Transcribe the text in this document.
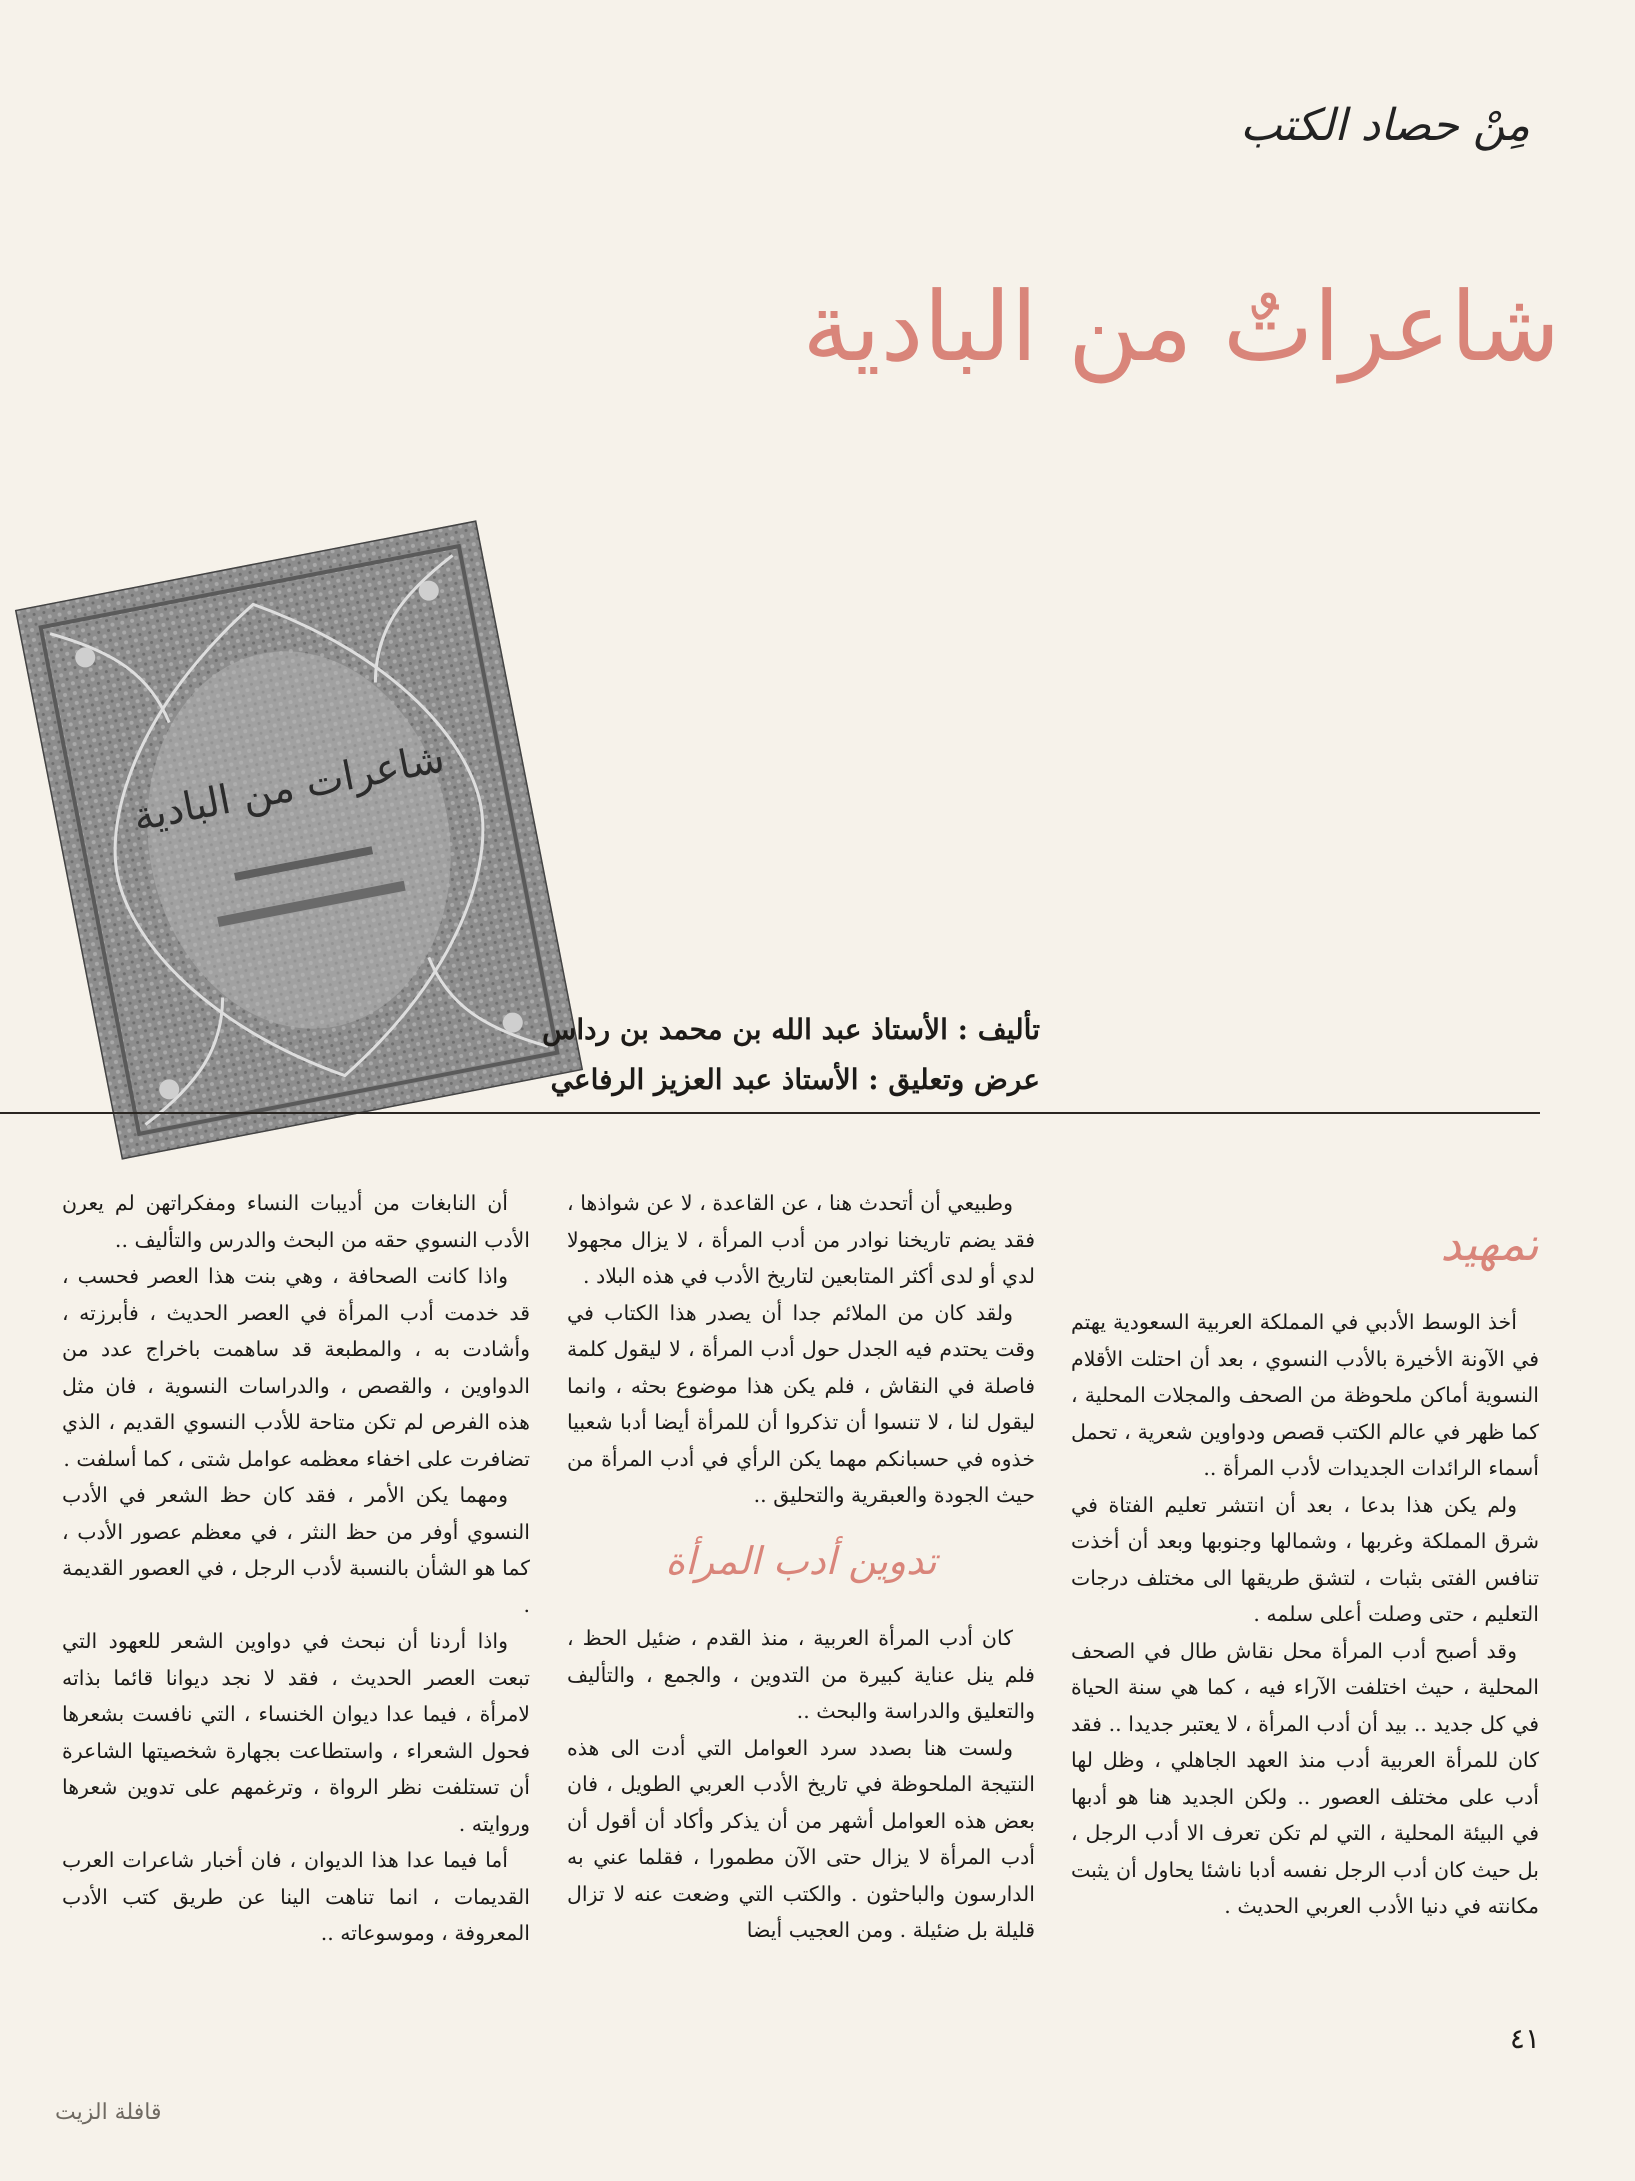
مِنْ حصاد الكتب
شاعراتٌ من البادية
شاعرات من البادية
تأليف : الأستاذ عبد الله بن محمد بن رداس
عرض وتعليق : الأستاذ عبد العزيز الرفاعي
تمهيد

أخذ الوسط الأدبي في المملكة العربية السعودية يهتم في الآونة الأخيرة بالأدب النسوي ، بعد أن احتلت الأقلام النسوية أماكن ملحوظة من الصحف والمجلات المحلية ، كما ظهر في عالم الكتب قصص ودواوين شعرية ، تحمل أسماء الرائدات الجديدات لأدب المرأة ..

ولم يكن هذا بدعا ، بعد أن انتشر تعليم الفتاة في شرق المملكة وغربها ، وشمالها وجنوبها وبعد أن أخذت تنافس الفتى بثبات ، لتشق طريقها الى مختلف درجات التعليم ، حتى وصلت أعلى سلمه .

وقد أصبح أدب المرأة محل نقاش طال في الصحف المحلية ، حيث اختلفت الآراء فيه ، كما هي سنة الحياة في كل جديد .. بيد أن أدب المرأة ، لا يعتبر جديدا .. فقد كان للمرأة العربية أدب منذ العهد الجاهلي ، وظل لها أدب على مختلف العصور .. ولكن الجديد هنا هو أدبها في البيئة المحلية ، التي لم تكن تعرف الا أدب الرجل ، بل حيث كان أدب الرجل نفسه أدبا ناشئا يحاول أن يثبت مكانته في دنيا الأدب العربي الحديث .

وطبيعي أن أتحدث هنا ، عن القاعدة ، لا عن شواذها ، فقد يضم تاريخنا نوادر من أدب المرأة ، لا يزال مجهولا لدي أو لدى أكثر المتابعين لتاريخ الأدب في هذه البلاد .

ولقد كان من الملائم جدا أن يصدر هذا الكتاب في وقت يحتدم فيه الجدل حول أدب المرأة ، لا ليقول كلمة فاصلة في النقاش ، فلم يكن هذا موضوع بحثه ، وانما ليقول لنا ، لا تنسوا أن تذكروا أن للمرأة أيضا أدبا شعبيا خذوه في حسبانكم مهما يكن الرأي في أدب المرأة من حيث الجودة والعبقرية والتحليق ..

تدوين أدب المرأة

كان أدب المرأة العربية ، منذ القدم ، ضئيل الحظ ، فلم ينل عناية كبيرة من التدوين ، والجمع ، والتأليف والتعليق والدراسة والبحث ..

ولست هنا بصدد سرد العوامل التي أدت الى هذه النتيجة الملحوظة في تاريخ الأدب العربي الطويل ، فان بعض هذه العوامل أشهر من أن يذكر وأكاد أن أقول أن أدب المرأة لا يزال حتى الآن مطمورا ، فقلما عني به الدارسون والباحثون . والكتب التي وضعت عنه لا تزال قليلة بل ضئيلة . ومن العجيب أيضا

أن النابغات من أديبات النساء ومفكراتهن لم يعرن الأدب النسوي حقه من البحث والدرس والتأليف ..

واذا كانت الصحافة ، وهي بنت هذا العصر فحسب ، قد خدمت أدب المرأة في العصر الحديث ، فأبرزته ، وأشادت به ، والمطبعة قد ساهمت باخراج عدد من الدواوين ، والقصص ، والدراسات النسوية ، فان مثل هذه الفرص لم تكن متاحة للأدب النسوي القديم ، الذي تضافرت على اخفاء معظمه عوامل شتى ، كما أسلفت .

ومهما يكن الأمر ، فقد كان حظ الشعر في الأدب النسوي أوفر من حظ النثر ، في معظم عصور الأدب ، كما هو الشأن بالنسبة لأدب الرجل ، في العصور القديمة .

واذا أردنا أن نبحث في دواوين الشعر للعهود التي تبعت العصر الحديث ، فقد لا نجد ديوانا قائما بذاته لامرأة ، فيما عدا ديوان الخنساء ، التي نافست بشعرها فحول الشعراء ، واستطاعت بجهارة شخصيتها الشاعرة أن تستلفت نظر الرواة ، وترغمهم على تدوين شعرها وروايته .

أما فيما عدا هذا الديوان ، فان أخبار شاعرات العرب القديمات ، انما تناهت الينا عن طريق كتب الأدب المعروفة ، وموسوعاته ..

٤١
قافلة الزيت
